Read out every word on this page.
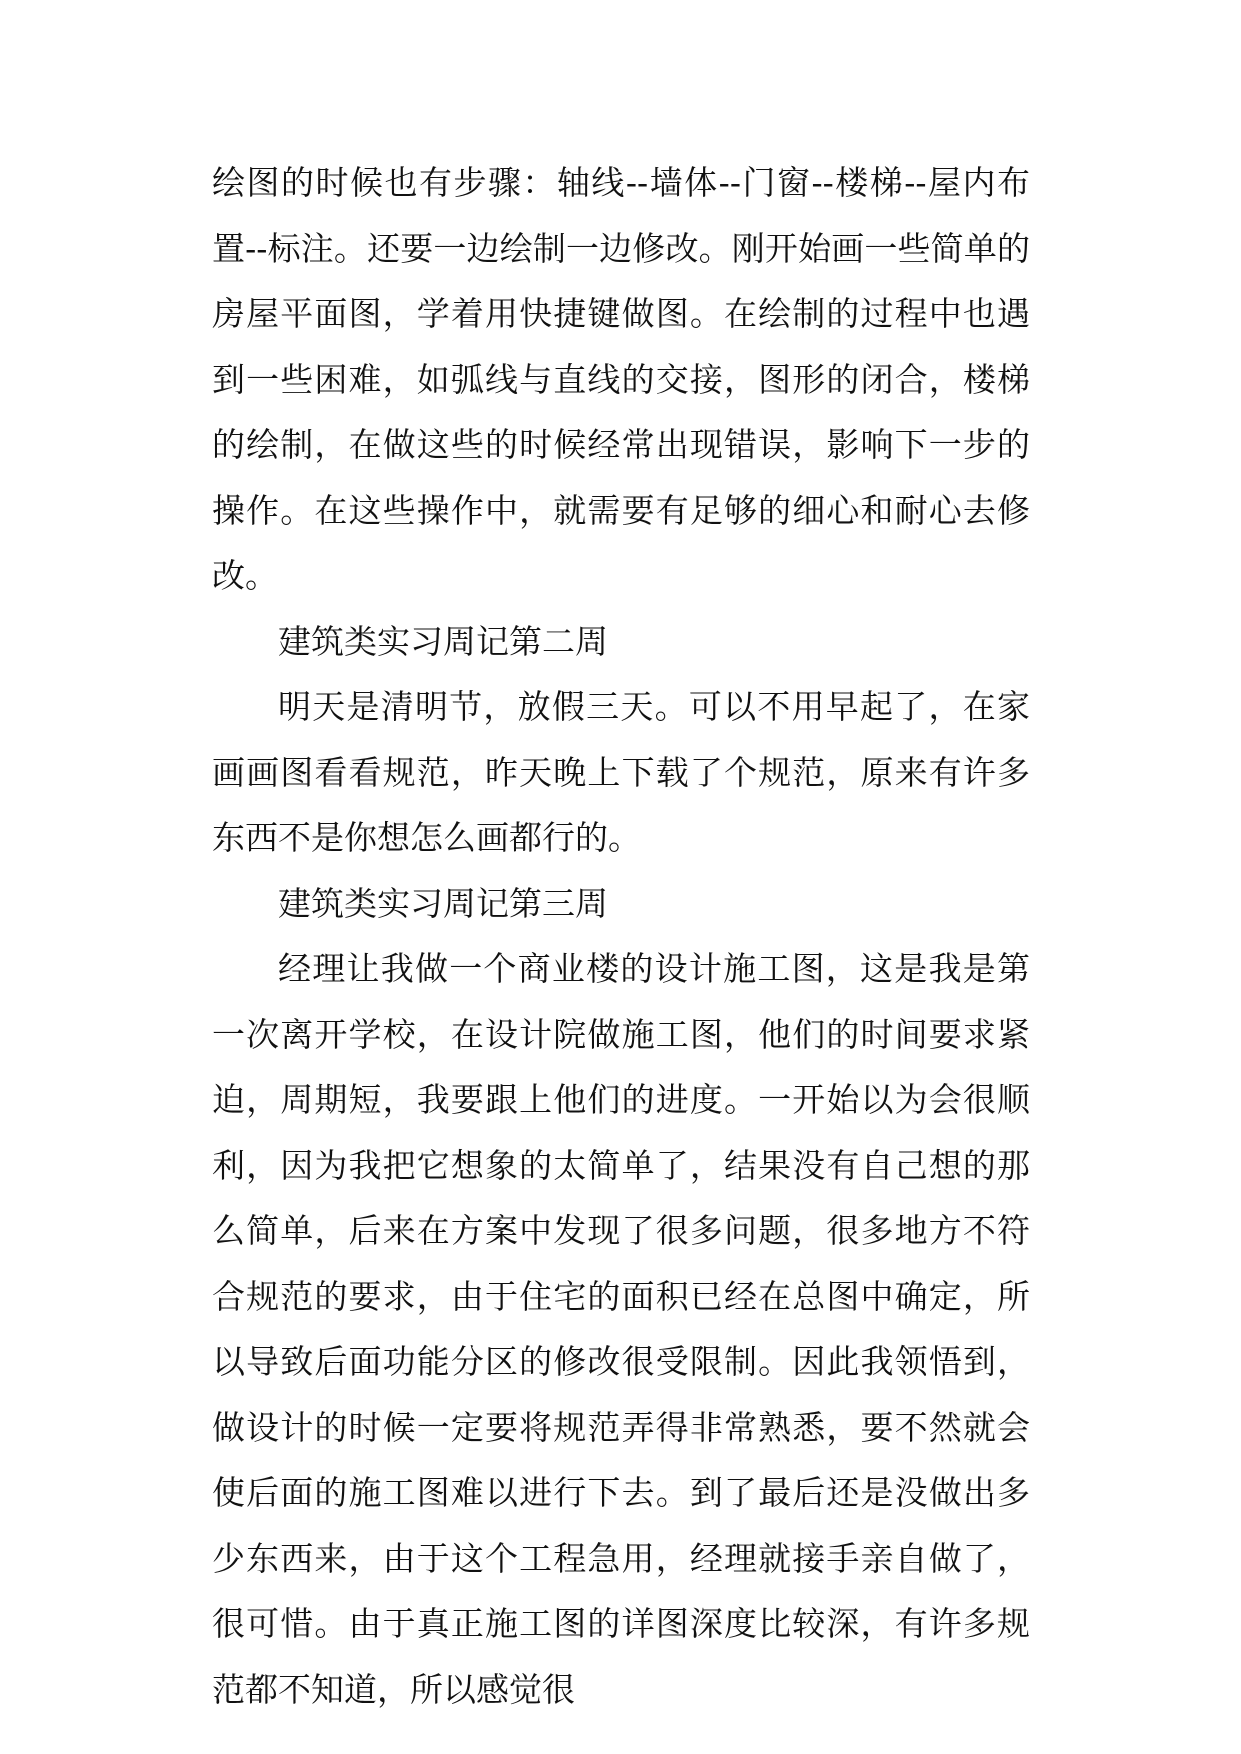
绘图的时候也有步骤：轴线--墙体--门窗--楼梯--屋内布置--标注。还要一边绘制一边修改。刚开始画一些简单的房屋平面图，学着用快捷键做图。在绘制的过程中也遇到一些困难，如弧线与直线的交接，图形的闭合，楼梯的绘制，在做这些的时候经常出现错误，影响下一步的操作。在这些操作中，就需要有足够的细心和耐心去修改。

建筑类实习周记第二周

明天是清明节，放假三天。可以不用早起了，在家画画图看看规范，昨天晚上下载了个规范，原来有许多东西不是你想怎么画都行的。

建筑类实习周记第三周

经理让我做一个商业楼的设计施工图，这是我是第一次离开学校，在设计院做施工图，他们的时间要求紧迫，周期短，我要跟上他们的进度。一开始以为会很顺利，因为我把它想象的太简单了，结果没有自己想的那么简单，后来在方案中发现了很多问题，很多地方不符合规范的要求，由于住宅的面积已经在总图中确定，所以导致后面功能分区的修改很受限制。因此我领悟到，做设计的时候一定要将规范弄得非常熟悉，要不然就会使后面的施工图难以进行下去。到了最后还是没做出多少东西来，由于这个工程急用，经理就接手亲自做了，很可惜。由于真正施工图的详图深度比较深，有许多规范都不知道，所以感觉很
